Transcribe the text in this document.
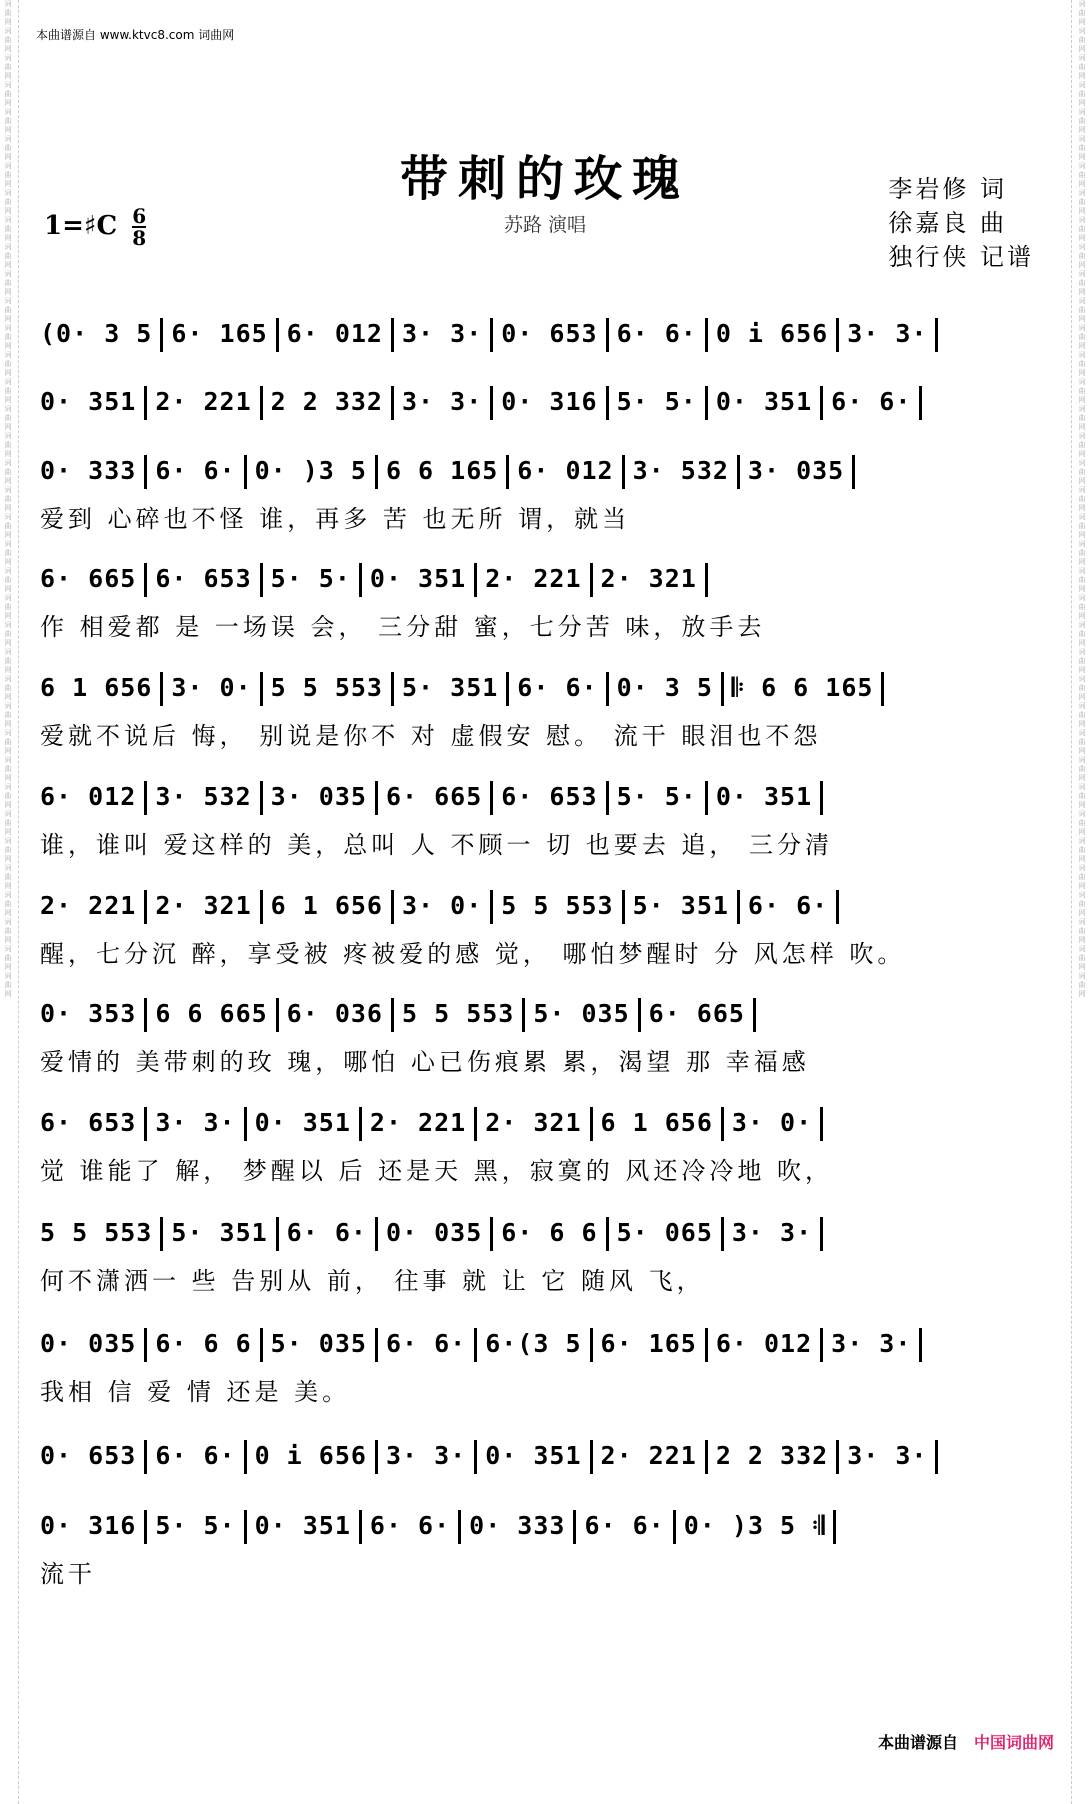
词曲网词曲网词曲网词曲网词曲网词曲网词曲网词曲网词曲网词曲网词曲网词曲网词曲网词曲网词曲网词曲网词曲网词曲网词曲网词曲网词曲网词曲网词曲网词曲网词曲网词曲网词曲网词曲网词曲网词曲网词曲网词曲网词曲网词曲网词曲网词曲网词曲网
词曲网词曲网词曲网词曲网词曲网词曲网词曲网词曲网词曲网词曲网词曲网词曲网词曲网词曲网词曲网词曲网词曲网词曲网词曲网词曲网词曲网词曲网词曲网词曲网词曲网词曲网词曲网词曲网词曲网词曲网词曲网词曲网词曲网词曲网词曲网词曲网词曲网
本曲谱源自 www.ktvc8.com 词曲网
带刺的玫瑰
苏路 演唱
1=♯C $\frac{6}{8}$
李岩修 词
徐嘉良 曲
独行侠 记谱
(0· 3 5 6· 165 6· 012 3· 3· 0· 653 6· 6· 0 i 656 3· 3·
0· 351 2· 221 2 2 332 3· 3· 0· 316 5· 5· 0· 351 6· 6·
0· 333 6· 6· 0· )3 5 6 6 165 6· 012 3· 532 3· 035
爱到 心碎也不怪 谁，再多 苦 也无所 谓，就当
6· 665 6· 653 5· 5· 0· 351 2· 221 2· 321
作 相爱都 是 一场误 会， 三分甜 蜜，七分苦 味，放手去
6 1 656 3· 0· 5 5 553 5· 351 6· 6· 0· 3 5 𝄆 6 6 165
爱就不说后 悔， 别说是你不 对 虚假安 慰。 流干 眼泪也不怨
6· 012 3· 532 3· 035 6· 665 6· 653 5· 5· 0· 351
谁，谁叫 爱这样的 美，总叫 人 不顾一 切 也要去 追， 三分清
2· 221 2· 321 6 1 656 3· 0· 5 5 553 5· 351 6· 6·
醒，七分沉 醉，享受被 疼被爱的感 觉， 哪怕梦醒时 分 风怎样 吹。
0· 353 6 6 665 6· 036 5 5 553 5· 035 6· 665
爱情的 美带刺的玫 瑰，哪怕 心已伤痕累 累，渴望 那 幸福感
6· 653 3· 3· 0· 351 2· 221 2· 321 6 1 656 3· 0·
觉 谁能了 解， 梦醒以 后 还是天 黑，寂寞的 风还冷冷地 吹，
5 5 553 5· 351 6· 6· 0· 035 6· 6 6 5· 065 3· 3·
何不潇洒一 些 告别从 前， 往事 就 让 它 随风 飞，
0· 035 6· 6 6 5· 035 6· 6· 6·(3 5 6· 165 6· 012 3· 3·
我相 信 爱 情 还是 美。
0· 653 6· 6· 0 i 656 3· 3· 0· 351 2· 221 2 2 332 3· 3·
0· 316 5· 5· 0· 351 6· 6· 0· 333 6· 6· 0· )3 5 𝄇
流干
本曲谱源自 中国词曲网
